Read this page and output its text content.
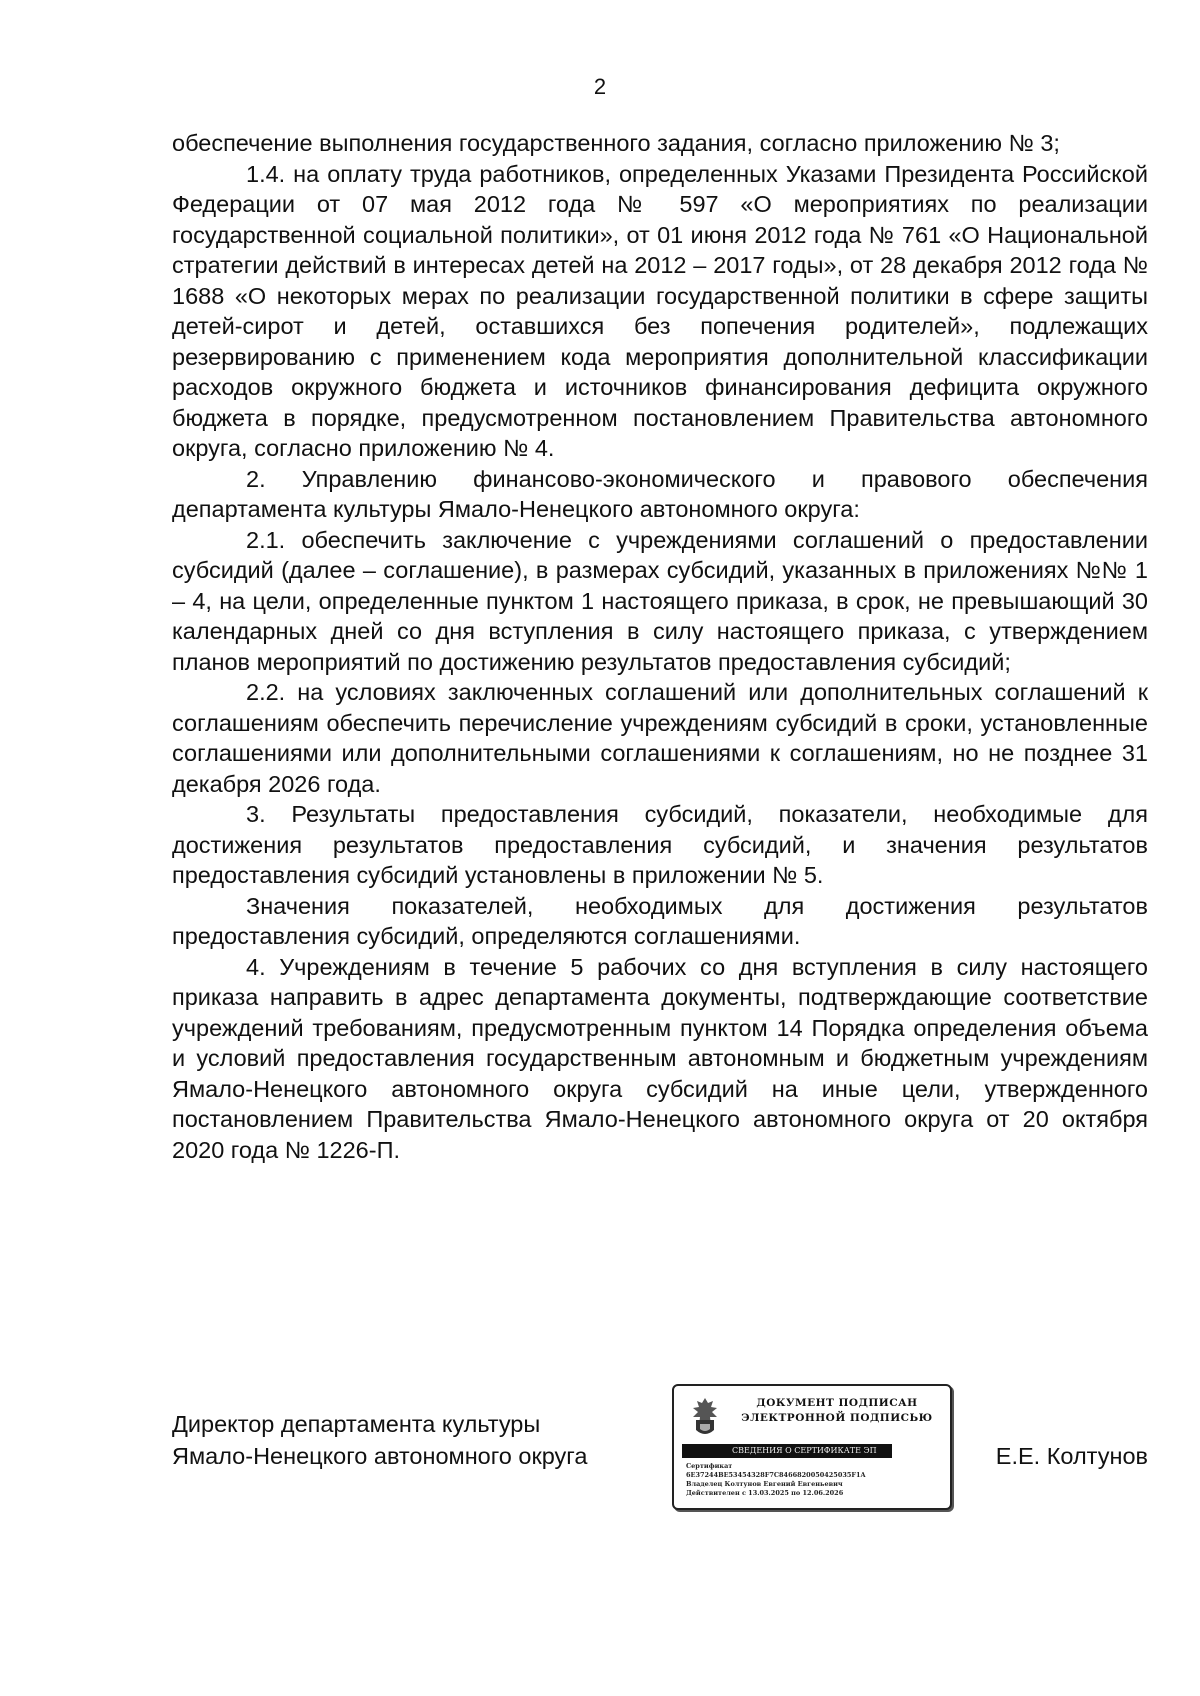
2

обеспечение выполнения государственного задания, согласно приложению № 3;

1.4. на оплату труда работников, определенных Указами Президента Российской Федерации от 07 мая 2012 года № 597 «О мероприятиях по реализации государственной социальной политики», от 01 июня 2012 года № 761 «О Национальной стратегии действий в интересах детей на 2012 – 2017 годы», от 28 декабря 2012 года № 1688 «О некоторых мерах по реализации государственной политики в сфере защиты детей-сирот и детей, оставшихся без попечения родителей», подлежащих резервированию с применением кода мероприятия дополнительной классификации расходов окружного бюджета и источников финансирования дефицита окружного бюджета в порядке, предусмотренном постановлением Правительства автономного округа, согласно приложению № 4.

2. Управлению финансово-экономического и правового обеспечения департамента культуры Ямало-Ненецкого автономного округа:

2.1. обеспечить заключение с учреждениями соглашений о предоставлении субсидий (далее – соглашение), в размерах субсидий, указанных в приложениях №№ 1 – 4, на цели, определенные пунктом 1 настоящего приказа, в срок, не превышающий 30 календарных дней со дня вступления в силу настоящего приказа, с утверждением планов мероприятий по достижению результатов предоставления субсидий;

2.2. на условиях заключенных соглашений или дополнительных соглашений к соглашениям обеспечить перечисление учреждениям субсидий в сроки, установленные соглашениями или дополнительными соглашениями к соглашениям, но не позднее 31 декабря 2026 года.

3. Результаты предоставления субсидий, показатели, необходимые для достижения результатов предоставления субсидий, и значения результатов предоставления субсидий установлены в приложении № 5.

Значения показателей, необходимых для достижения результатов предоставления субсидий, определяются соглашениями.

4. Учреждениям в течение 5 рабочих со дня вступления в силу настоящего приказа направить в адрес департамента документы, подтверждающие соответствие учреждений требованиям, предусмотренным пунктом 14 Порядка определения объема и условий предоставления государственным автономным и бюджетным учреждениям Ямало-Ненецкого автономного округа субсидий на иные цели, утвержденного постановлением Правительства Ямало-Ненецкого автономного округа от 20 октября 2020 года № 1226-П.

Директор департамента культуры
Ямало-Ненецкого автономного округа
ДОКУМЕНТ ПОДПИСАН
ЭЛЕКТРОННОЙ ПОДПИСЬЮ
СВЕДЕНИЯ О СЕРТИФИКАТЕ ЭП
Сертификат
6E37244BE53454328F7C8466820050425035F1A
Владелец Колтунов Евгений Евгеньевич
Действителен с 13.03.2025 по 12.06.2026
Е.Е. Колтунов
